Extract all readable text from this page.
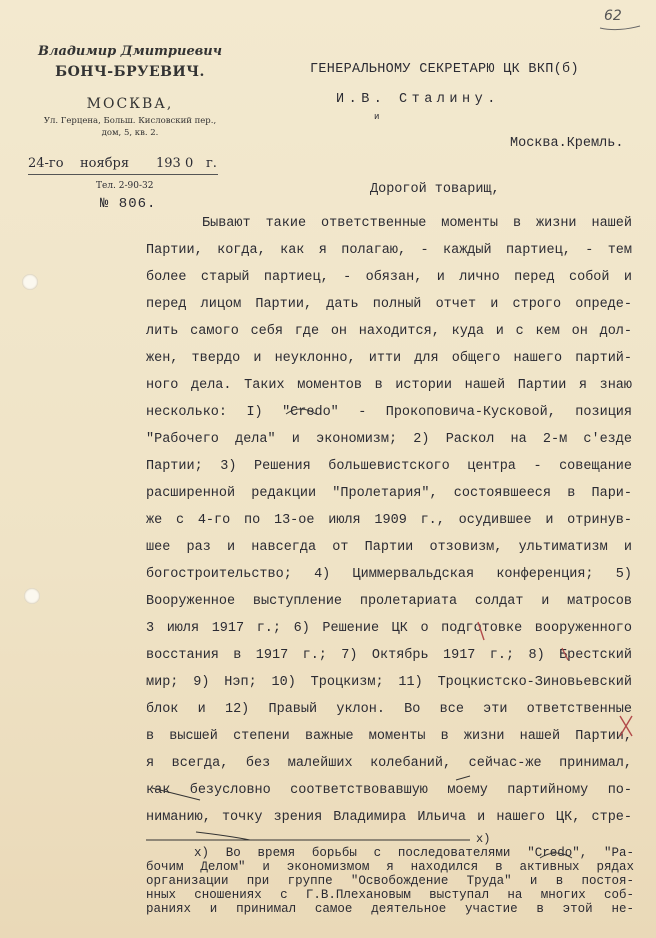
62
Владимир Дмитриевич
БОНЧ-БРУЕВИЧ.
МОСКВА,
Ул. Герцена, Больш. Кисловский пер.,
дом, 5, кв. 2.
24-го ноября 193 0 г.
Тел. 2-90-32
№ 806.
ГЕНЕРАЛЬНОМУ СЕКРЕТАРЮ ЦК ВКП(б)
И.В. Сталину.
и
Москва.Кремль.
Дорогой товарищ,
Бывают такие ответственные моменты в жизни нашей
Партии, когда, как я полагаю, - каждый партиец, - тем
более старый партиец, - обязан, и лично перед собой и
перед лицом Партии, дать полный отчет и строго опреде-
лить самого себя где он находится, куда и с кем он дол-
жен, твердо и неуклонно, итти для общего нашего партий-
ного дела. Таких моментов в истории нашей Партии я знаю
несколько: I) "Credo" - Прокоповича-Кусковой, позиция
"Рабочего дела" и экономизм; 2) Раскол на 2-м с'езде
Партии; 3) Решения большевистского центра - совещание
расширенной редакции "Пролетария", состоявшееся в Пари-
же с 4-го по 13-ое июля 1909 г., осудившее и отринув-
шее раз и навсегда от Партии отзовизм, ультиматизм и
богостроительство; 4) Циммервальдская конференция; 5)
Вооруженное выступление пролетариата солдат и матросов
3 июля 1917 г.; 6) Решение ЦК о подготовке вооруженного
восстания в 1917 г.; 7) Октябрь 1917 г.; 8) Брестский
мир; 9) Нэп; 10) Троцкизм; 11) Троцкистско-Зиновьевский
блок и 12) Правый уклон. Во все эти ответственные
в высшей степени важные моменты в жизни нашей Партии,
я всегда, без малейших колебаний, сейчас-же принимал,
как безусловно соответствовавшую моему партийному по-
ниманию, точку зрения Владимира Ильича и нашего ЦК, стре-
x)
x) Во время борьбы с последователями "Credo", "Ра-
бочим Делом" и экономизмом я находился в активных рядах
организации при группе "Освобождение Труда" и в постоя-
нных сношениях с Г.В.Плехановым выступал на многих соб-
раниях и принимал самое деятельное участие в этой не-
